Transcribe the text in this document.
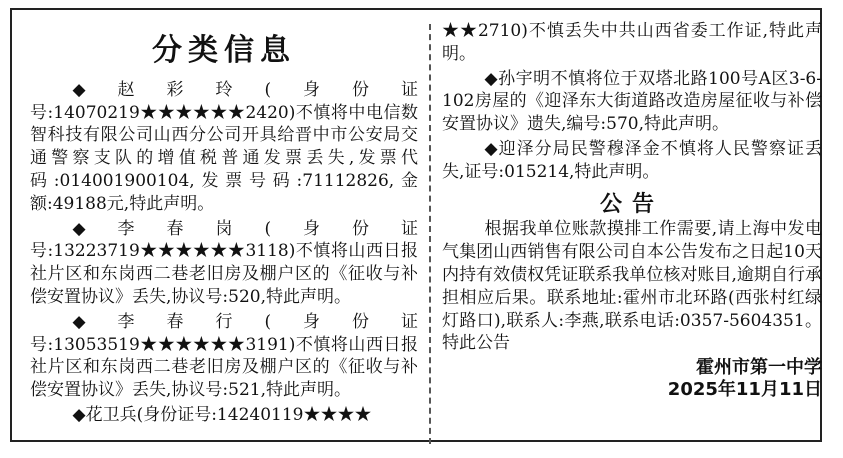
分类信息

◆赵彩玲(身份证号:14070219★★★★★★2420)不慎将中电信数智科技有限公司山西分公司开具给晋中市公安局交通警察支队的增值税普通发票丢失,发票代码:014001900104,发票号码:71112826,金额:49188元,特此声明。

◆李春岗(身份证号:13223719★★★★★★3118)不慎将山西日报社片区和东岗西二巷老旧房及棚户区的《征收与补偿安置协议》丢失,协议号:520,特此声明。

◆李春行(身份证号:13053519★★★★★★3191)不慎将山西日报社片区和东岗西二巷老旧房及棚户区的《征收与补偿安置协议》丢失,协议号:521,特此声明。

◆花卫兵(身份证号:14240119★★★★

★★2710)不慎丢失中共山西省委工作证,特此声明。

◆孙宇明不慎将位于双塔北路100号A区3-6-102房屋的《迎泽东大街道路改造房屋征收与补偿安置协议》遗失,编号:570,特此声明。

◆迎泽分局民警穆泽金不慎将人民警察证丢失,证号:015214,特此声明。

公告

根据我单位账款摸排工作需要,请上海中发电气集团山西销售有限公司自本公告发布之日起10天内持有效债权凭证联系我单位核对账目,逾期自行承担相应后果。联系地址:霍州市北环路(西张村红绿灯路口),联系人:李燕,联系电话:0357-5604351。特此公告

霍州市第一中学
2025年11月11日
